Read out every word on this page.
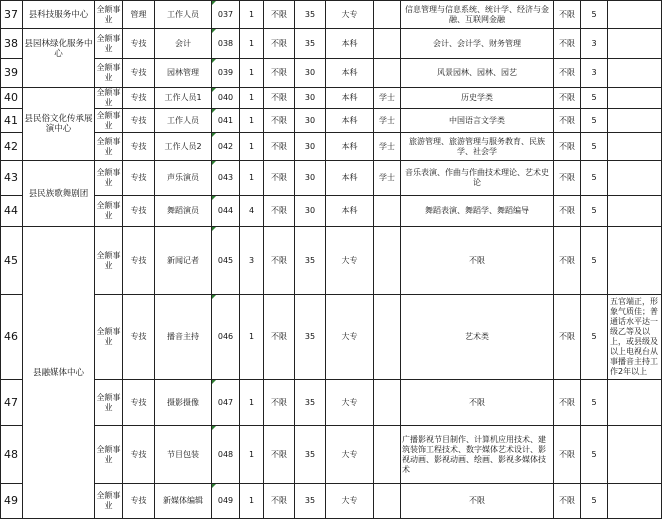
37	县科技服务中心	全额事业	管理	工作人员	037	1	不限	35	大专		信息管理与信息系统、统计学、经济与金融、互联网金融	不限	5	
38	县园林绿化服务中心	全额事业	专技	会计	038	1	不限	35	本科		会计、会计学、财务管理	不限	3	
39		全额事业	专技	园林管理	039	1	不限	30	本科		风景园林、园林、园艺	不限	3	
40	县民俗文化传承展演中心	全额事业	专技	工作人员1	040	1	不限	30	本科	学士	历史学类	不限	5	
41		全额事业	专技	工作人员	041	1	不限	30	本科	学士	中国语言文学类	不限	5	
42		全额事业	专技	工作人员2	042	1	不限	30	本科	学士	旅游管理、旅游管理与服务教育、民族学、社会学	不限	5	
43	县民族歌舞剧团	全额事业	专技	声乐演员	043	1	不限	30	本科	学士	音乐表演、作曲与作曲技术理论、艺术史论	不限	5	
44		全额事业	专技	舞蹈演员	044	4	不限	30	本科		舞蹈表演、舞蹈学、舞蹈编导	不限	5	
45	县融媒体中心	全额事业	专技	新闻记者	045	3	不限	35	大专		不限	不限	5	
46		全额事业	专技	播音主持	046	1	不限	35	大专		艺术类	不限	5	五官端正，形象气质佳；普通话水平达一级乙等及以上，或县级及以上电视台从事播音主持工作2年以上
47		全额事业	专技	摄影摄像	047	1	不限	35	大专		不限	不限	5	
48		全额事业	专技	节目包装	048	1	不限	35	大专		广播影视节目制作、计算机应用技术、建筑装饰工程技术、数字媒体艺术设计、影视动画、影视动画、绘画、影视多媒体技术	不限	5	
49		全额事业	专技	新媒体编辑	049	1	不限	35	大专		不限	不限	5	
